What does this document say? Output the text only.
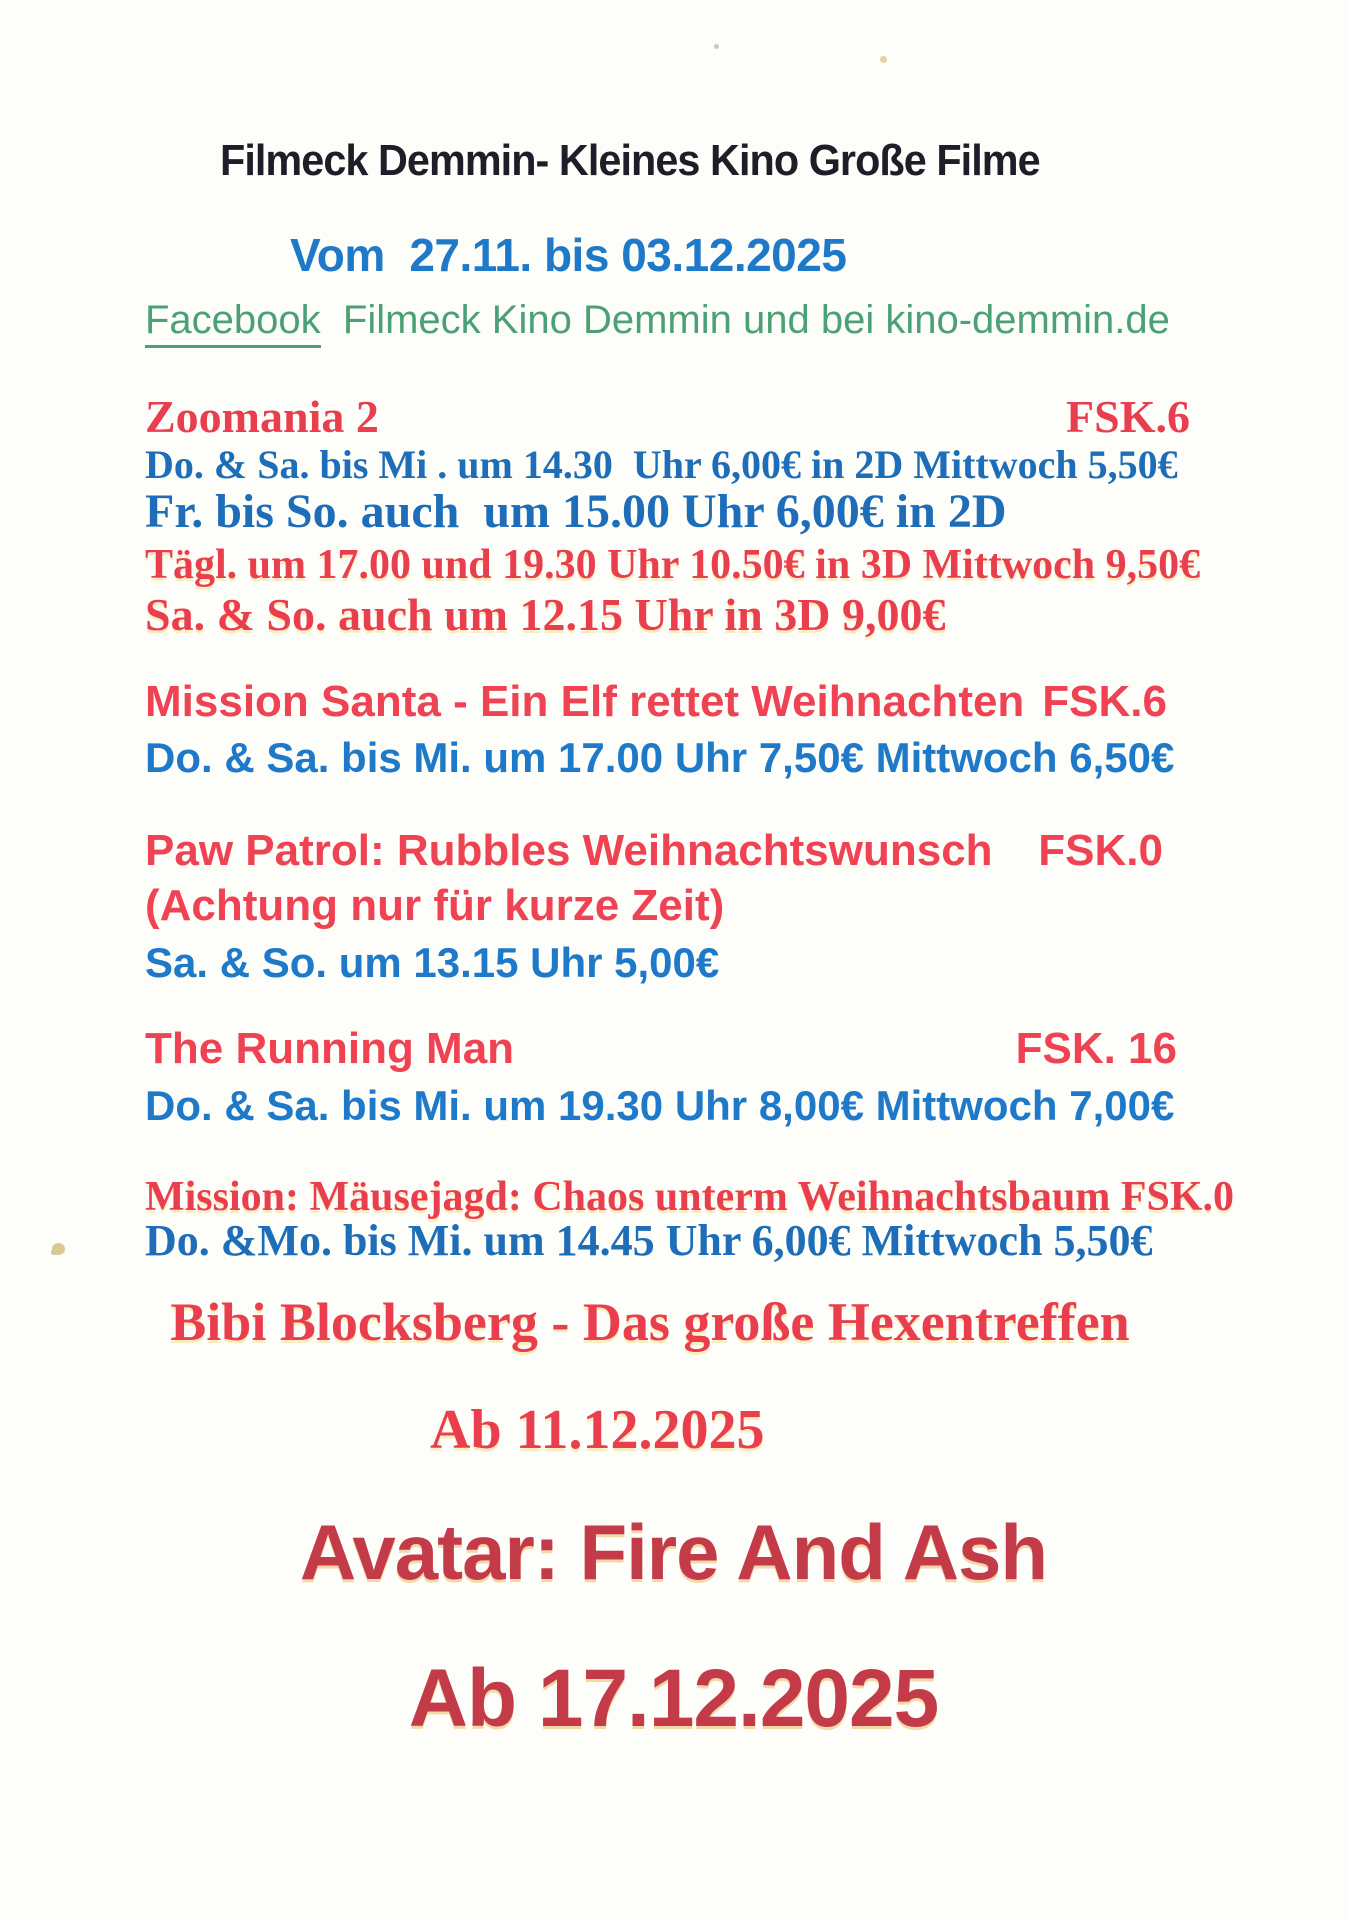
Filmeck Demmin- Kleines Kino Große Filme
Vom  27.11. bis 03.12.2025
Facebook  Filmeck Kino Demmin und bei kino-demmin.de
Zoomania 2	FSK.6
Do. & Sa. bis Mi . um 14.30  Uhr 6,00€ in 2D Mittwoch 5,50€
Fr. bis So. auch  um 15.00 Uhr 6,00€ in 2D
Tägl. um 17.00 und 19.30 Uhr 10.50€ in 3D Mittwoch 9,50€
Sa. & So. auch um 12.15 Uhr in 3D 9,00€
Mission Santa - Ein Elf rettet Weihnachten FSK.6
Do. & Sa. bis Mi. um 17.00 Uhr 7,50€ Mittwoch 6,50€
Paw Patrol: Rubbles Weihnachtswunsch FSK.0
(Achtung nur für kurze Zeit)
Sa. & So. um 13.15 Uhr 5,00€
The Running Man	FSK. 16
Do. & Sa. bis Mi. um 19.30 Uhr 8,00€ Mittwoch 7,00€
Mission: Mäusejagd: Chaos unterm Weihnachtsbaum FSK.0
Do. &Mo. bis Mi. um 14.45 Uhr 6,00€ Mittwoch 5,50€
Bibi Blocksberg - Das große Hexentreffen
Ab 11.12.2025
Avatar: Fire And Ash
Ab 17.12.2025
